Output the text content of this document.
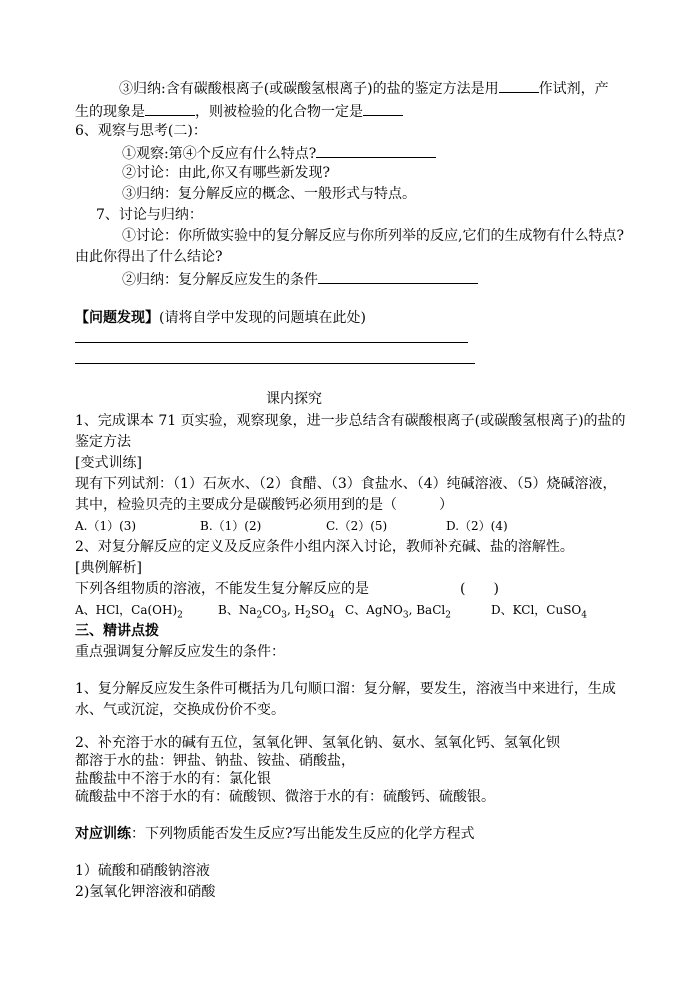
③归纳:含有碳酸根离子(或碳酸氢根离子)的盐的鉴定方法是用	作试剂，产
生的现象是	，则被检验的化合物一定是
6、观察与思考(二)：
①观察:第④个反应有什么特点?
②讨论：由此,你又有哪些新发现?
③归纳：复分解反应的概念、一般形式与特点。
7、讨论与归纳：
①讨论：你所做实验中的复分解反应与你所列举的反应,它们的生成物有什么特点?
由此你得出了什么结论?
②归纳：复分解反应发生的条件
【问题发现】(请将自学中发现的问题填在此处)
课内探究
1、完成课本 71 页实验，观察现象，进一步总结含有碳酸根离子(或碳酸氢根离子)的盐的
鉴定方法
[变式训练]
现有下列试剂：（1）石灰水、（2）食醋、（3）食盐水、（4）纯碱溶液、（5）烧碱溶液，
其中，检验贝壳的主要成分是碳酸钙必须用到的是（　　　）
A.（1）(3)	B.（1）(2)	C.（2）(5)	D.（2）(4)
2、对复分解反应的定义及反应条件小组内深入讨论，教师补充碱、盐的溶解性。
[典例解析]
下列各组物质的溶液，不能发生复分解反应的是	(　　)
A、HCl，$Ca(OH)_2$	B、$Na_2CO_3$, $H_2SO_4$ C、AgNO$_3$, BaCl$_2$	D、KCl，CuSO$_4$
三、精讲点拨
重点强调复分解反应发生的条件：
1、复分解反应发生条件可概括为几句顺口溜：复分解，要发生，溶液当中来进行，生成
水、气或沉淀，交换成份价不变。
2、补充溶于水的碱有五位，氢氧化钾、氢氧化钠、氨水、氢氧化钙、氢氧化钡
都溶于水的盐：钾盐、钠盐、铵盐、硝酸盐，
盐酸盐中不溶于水的有：氯化银
硫酸盐中不溶于水的有：硫酸钡、微溶于水的有：硫酸钙、硫酸银。
对应训练：下列物质能否发生反应?写出能发生反应的化学方程式
1）硫酸和硝酸钠溶液
2)氢氧化钾溶液和硝酸
